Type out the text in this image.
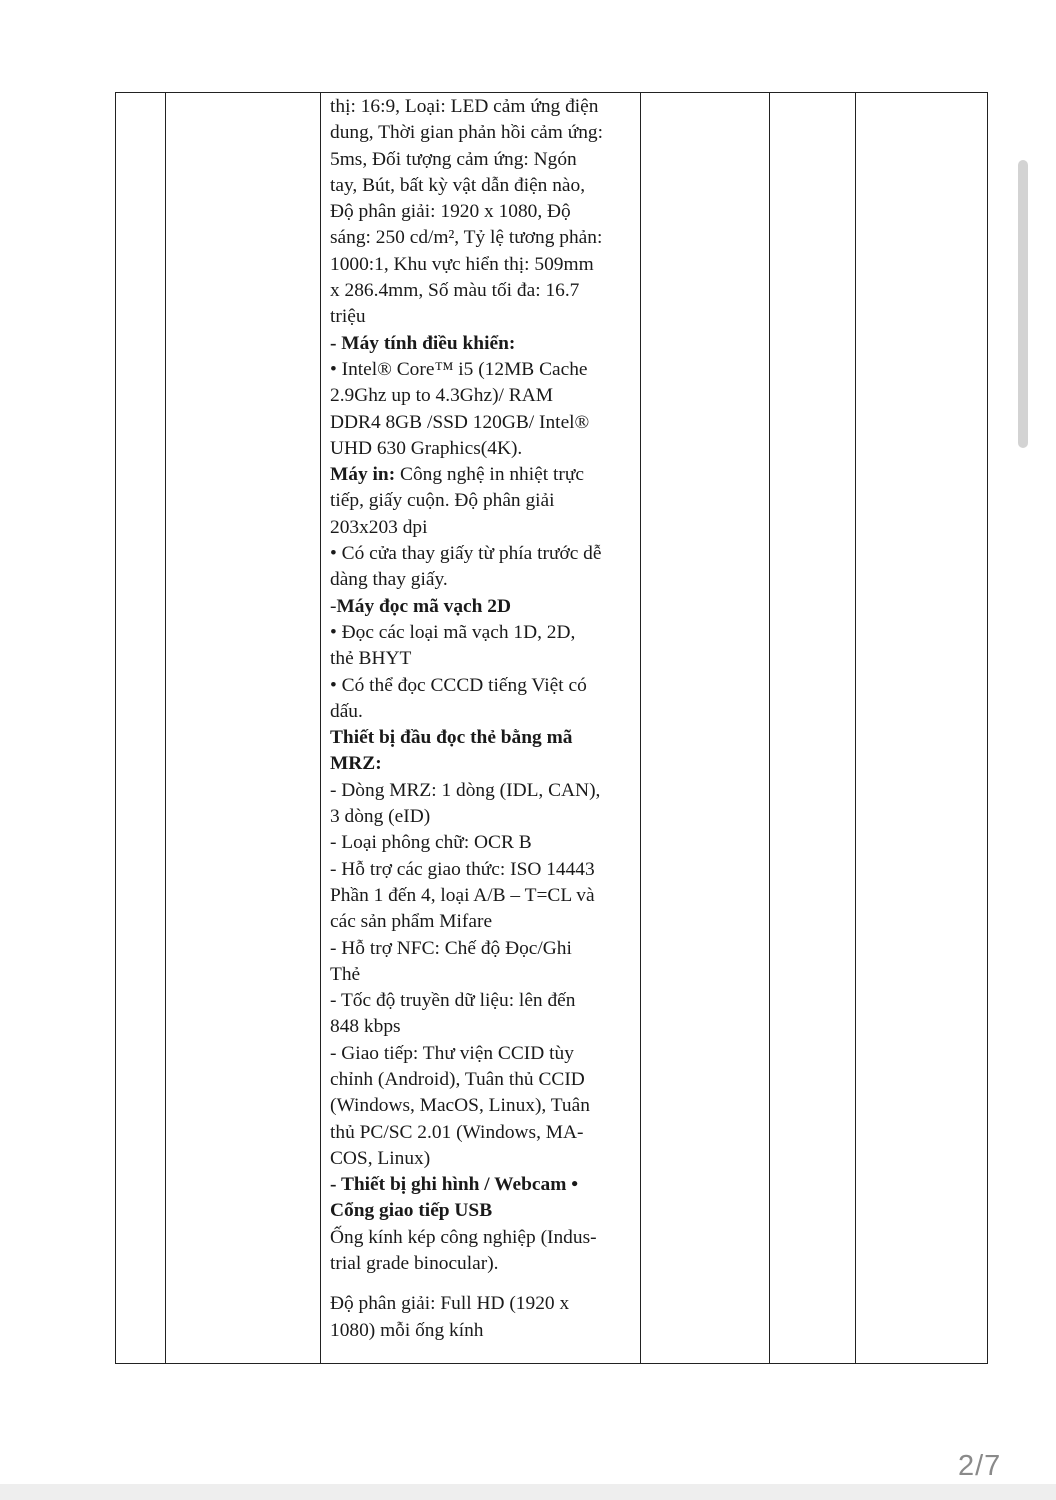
thị: 16:9, Loại: LED cảm ứng điện
dung, Thời gian phản hồi cảm ứng:
5ms, Đối tượng cảm ứng: Ngón
tay, Bút, bất kỳ vật dẫn điện nào,
Độ phân giải: 1920 x 1080, Độ
sáng: 250 cd/m², Tỷ lệ tương phản:
1000:1, Khu vực hiển thị: 509mm
x 286.4mm, Số màu tối đa: 16.7
triệu
- Máy tính điều khiển:
• Intel® Core™ i5 (12MB Cache
2.9Ghz up to 4.3Ghz)/ RAM
DDR4 8GB /SSD 120GB/ Intel®
UHD 630 Graphics(4K).
Máy in: Công nghệ in nhiệt trực
tiếp, giấy cuộn. Độ phân giải
203x203 dpi
• Có cửa thay giấy từ phía trước dễ
dàng thay giấy.
-Máy đọc mã vạch 2D
• Đọc các loại mã vạch 1D, 2D,
thẻ BHYT
• Có thể đọc CCCD tiếng Việt có
dấu.
Thiết bị đầu đọc thẻ bằng mã
MRZ:
- Dòng MRZ: 1 dòng (IDL, CAN),
3 dòng (eID)
- Loại phông chữ: OCR B
- Hỗ trợ các giao thức: ISO 14443
Phần 1 đến 4, loại A/B – T=CL và
các sản phẩm Mifare
- Hỗ trợ NFC: Chế độ Đọc/Ghi
Thẻ
- Tốc độ truyền dữ liệu: lên đến
848 kbps
- Giao tiếp: Thư viện CCID tùy
chỉnh (Android), Tuân thủ CCID
(Windows, MacOS, Linux), Tuân
thủ PC/SC 2.01 (Windows, MA-
COS, Linux)
- Thiết bị ghi hình / Webcam •
Cổng giao tiếp USB
Ống kính kép công nghiệp (Indus-
trial grade binocular).
Độ phân giải: Full HD (1920 x
1080) mỗi ống kính

2/7
